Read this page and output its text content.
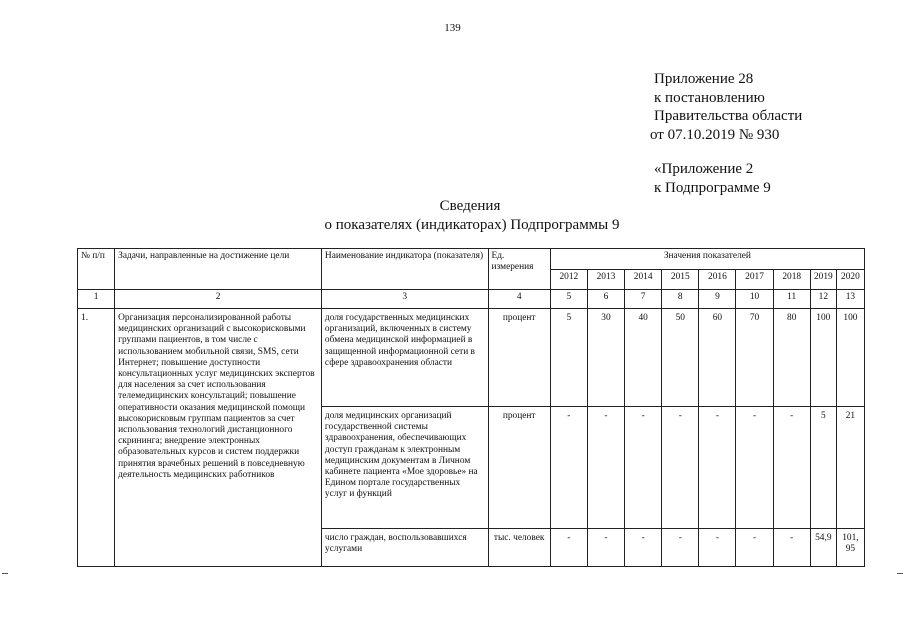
139
Приложение 28
к постановлению
Правительства области
от 07.10.2019 № 930
«Приложение 2
к Подпрограмме 9
Сведения
о показателях (индикаторах) Подпрограммы 9
№ п/п	Задачи, направленные на достижение цели	Наименование индикатора (показателя)	Ед. измерения	Значения показателей								
				2012	2013	2014	2015	2016	2017	2018	2019	2020
1	2	3	4	5	6	7	8	9	10	11	12	13
1.	Организация персонализированной работы медицинских организаций с высокорисковыми группами пациентов, в том числе с использованием мобильной связи, SMS, сети Интернет; повышение доступности консультационных услуг медицинских экспертов для населения за счет использования телемедицинских консультаций; повышение оперативности оказания медицинской помощи высокорисковым группам пациентов за счет использования технологий дистанционного скрининга; внедрение электронных образовательных курсов и систем поддержки принятия врачебных решений в повседневную деятельность медицинских работников	доля государственных медицинских организаций, включенных в систему обмена медицинской информацией в защищенной информационной сети в сфере здравоохранения области	процент	5	30	40	50	60	70	80	100	100
		доля медицинских организаций государственной системы здравоохранения, обеспечивающих доступ гражданам к электронным медицинским документам в Личном кабинете пациента «Мое здоровье» на Едином портале государственных услуг и функций	процент	-	-	-	-	-	-	-	5	21
		число граждан, воспользовавшихся услугами	тыс. человек	-	-	-	-	-	-	-	54,9	101, 95
